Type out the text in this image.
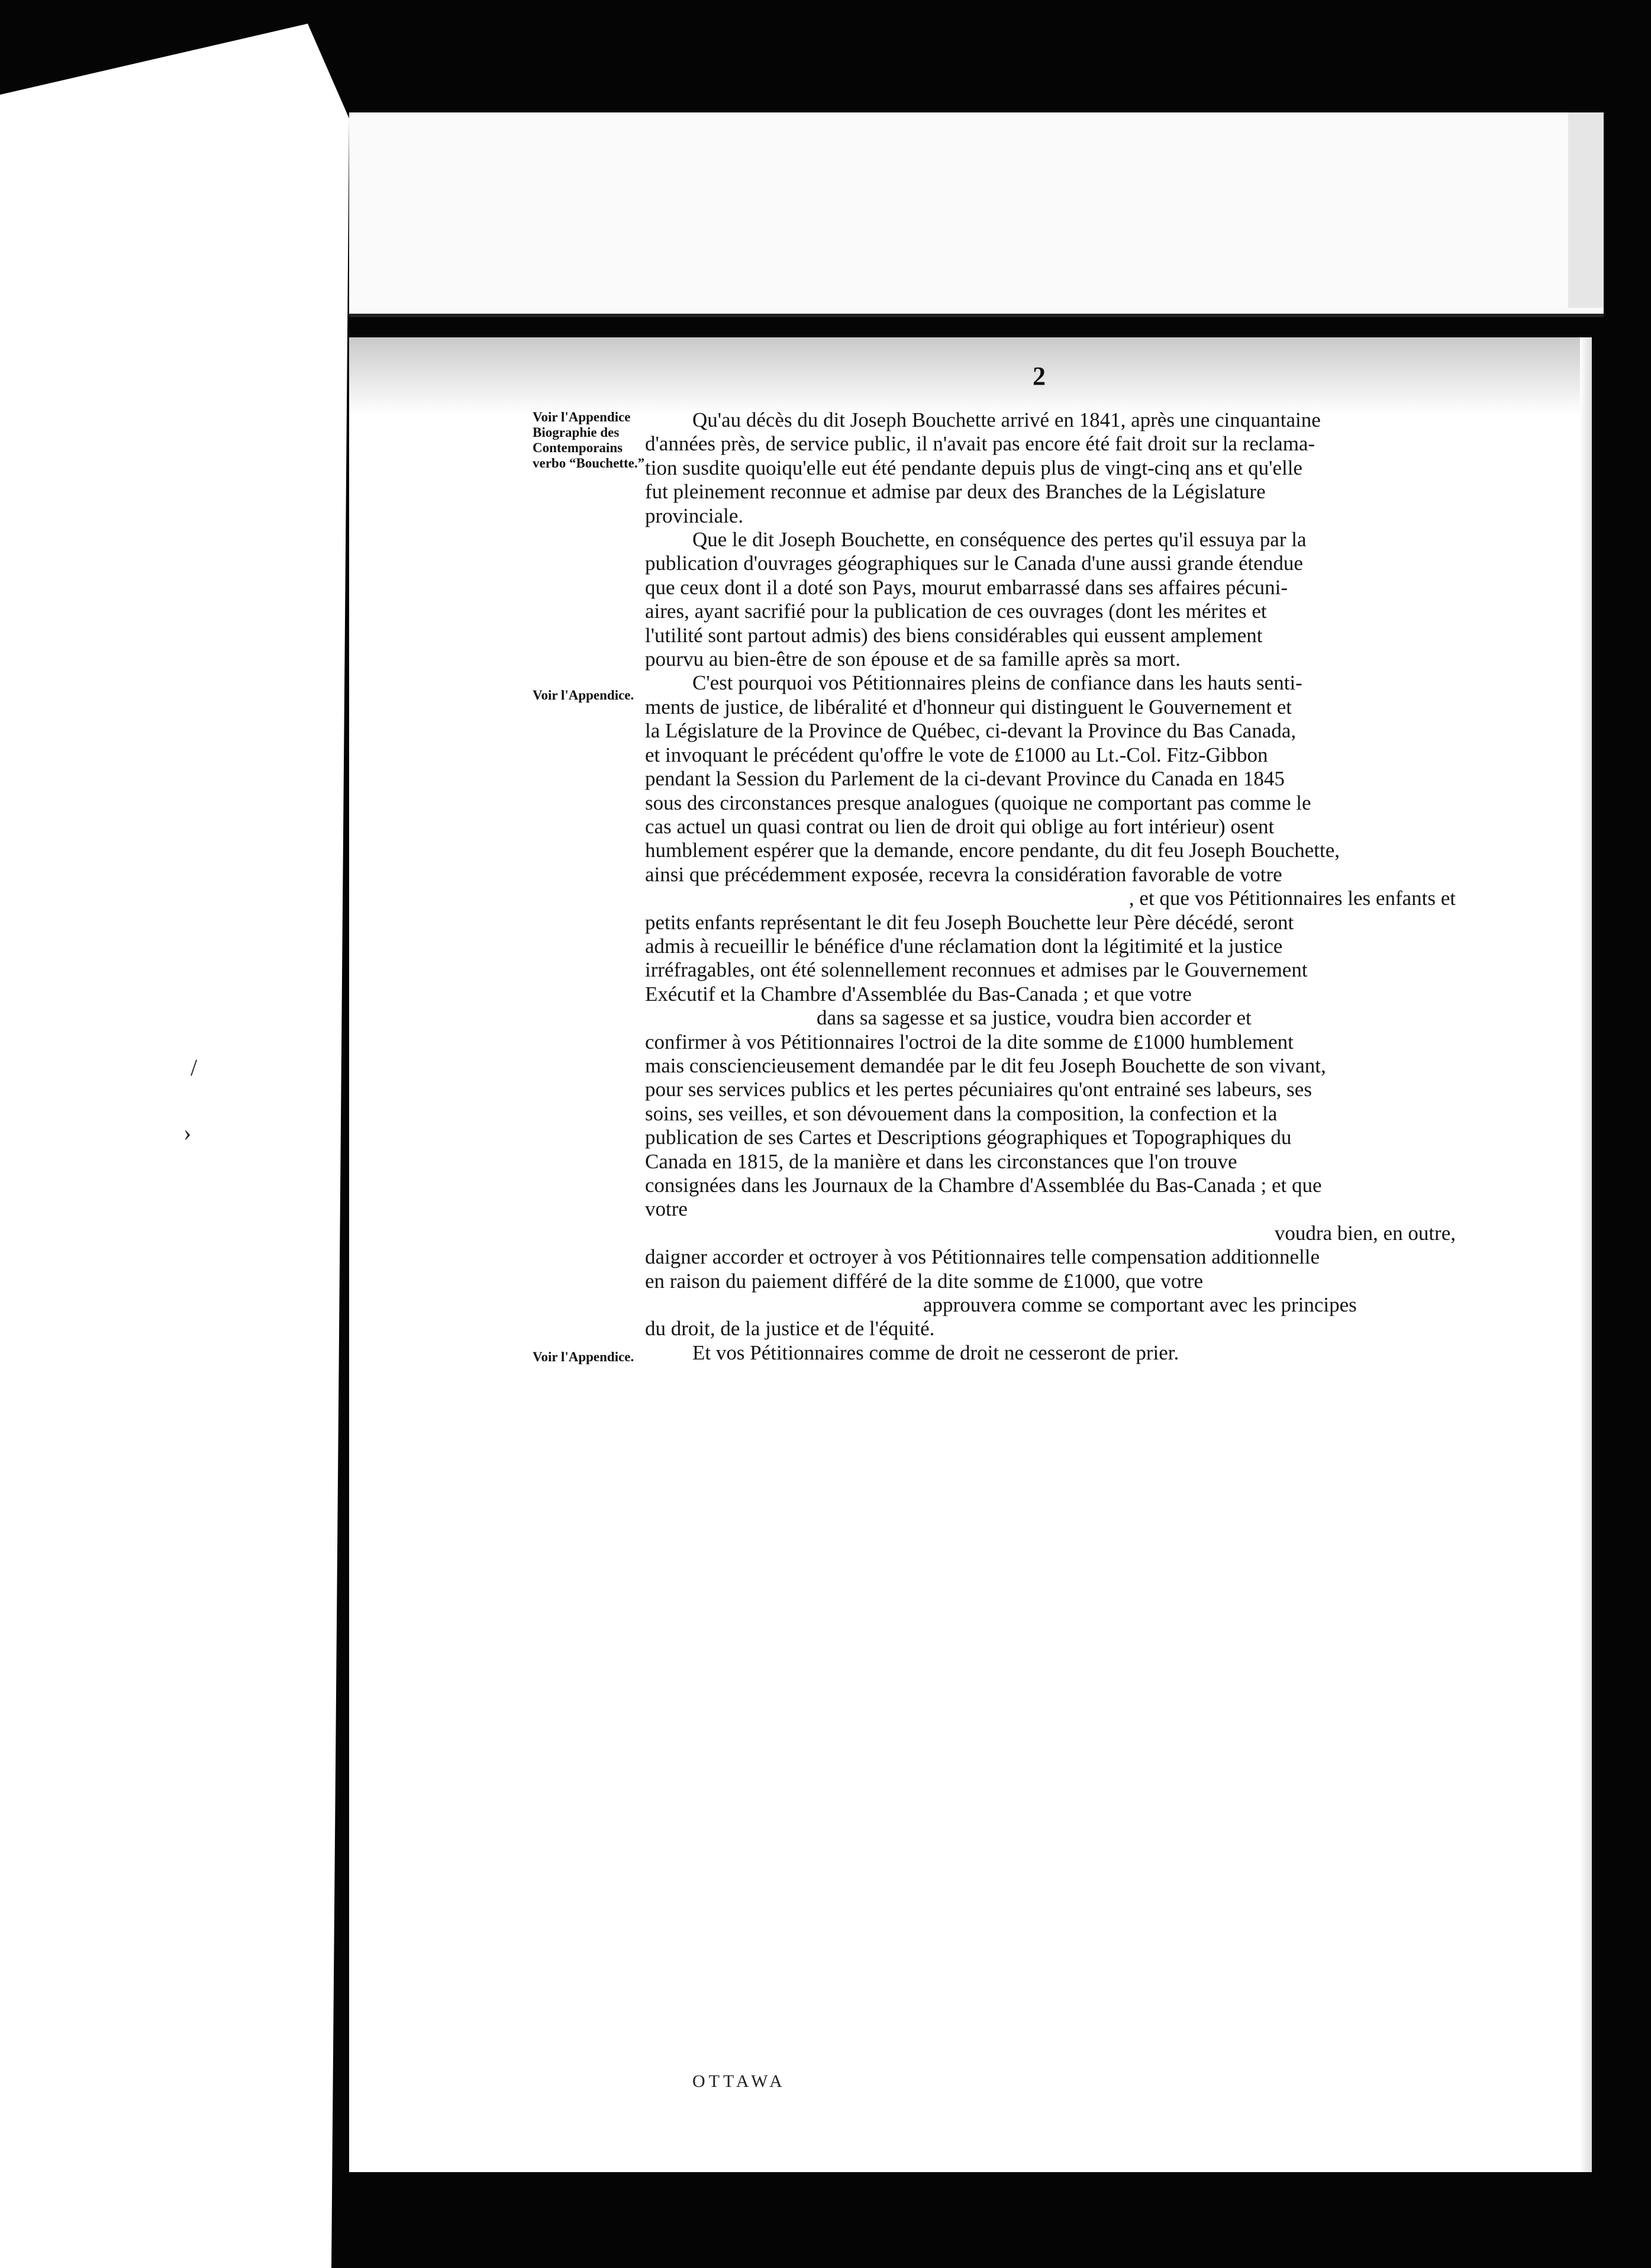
/
›
2
Voir l'Appendice Biographie des Contemporains verbo “Bouchette.”
Voir l'Appendice.
Voir l'Appendice.

Qu'au décès du dit Joseph Bouchette arrivé en 1841, après une cinquantaine

d'années près, de service public, il n'avait pas encore été fait droit sur la reclama-

tion susdite quoiqu'elle eut été pendante depuis plus de vingt-cinq ans et qu'elle

fut pleinement reconnue et admise par deux des Branches de la Législature

provinciale.

Que le dit Joseph Bouchette, en conséquence des pertes qu'il essuya par la

publication d'ouvrages géographiques sur le Canada d'une aussi grande étendue

que ceux dont il a doté son Pays, mourut embarrassé dans ses affaires pécuni-

aires, ayant sacrifié pour la publication de ces ouvrages (dont les mérites et

l'utilité sont partout admis) des biens considérables qui eussent amplement

pourvu au bien-être de son épouse et de sa famille après sa mort.

C'est pourquoi vos Pétitionnaires pleins de confiance dans les hauts senti-

ments de justice, de libéralité et d'honneur qui distinguent le Gouvernement et

la Législature de la Province de Québec, ci-devant la Province du Bas Canada,

et invoquant le précédent qu'offre le vote de £1000 au Lt.-Col. Fitz-Gibbon

pendant la Session du Parlement de la ci-devant Province du Canada en 1845

sous des circonstances presque analogues (quoique ne comportant pas comme le

cas actuel un quasi contrat ou lien de droit qui oblige au fort intérieur) osent

humblement espérer que la demande, encore pendante, du dit feu Joseph Bouchette,

ainsi que précédemment exposée, recevra la considération favorable de votre

, et que vos Pétitionnaires les enfants et

petits enfants représentant le dit feu Joseph Bouchette leur Père décédé, seront

admis à recueillir le bénéfice d'une réclamation dont la légitimité et la justice

irréfragables, ont été solennellement reconnues et admises par le Gouvernement

Exécutif et la Chambre d'Assemblée du Bas-Canada ; et que votre

dans sa sagesse et sa justice, voudra bien accorder et

confirmer à vos Pétitionnaires l'octroi de la dite somme de £1000 humblement

mais consciencieusement demandée par le dit feu Joseph Bouchette de son vivant,

pour ses services publics et les pertes pécuniaires qu'ont entrainé ses labeurs, ses

soins, ses veilles, et son dévouement dans la composition, la confection et la

publication de ses Cartes et Descriptions géographiques et Topographiques du

Canada en 1815, de la manière et dans les circonstances que l'on trouve

consignées dans les Journaux de la Chambre d'Assemblée du Bas-Canada ; et que

votre

voudra bien, en outre,

daigner accorder et octroyer à vos Pétitionnaires telle compensation additionnelle

en raison du paiement différé de la dite somme de £1000, que votre

approuvera comme se comportant avec les principes

du droit, de la justice et de l'équité.

Et vos Pétitionnaires comme de droit ne cesseront de prier.

OTTAWA
